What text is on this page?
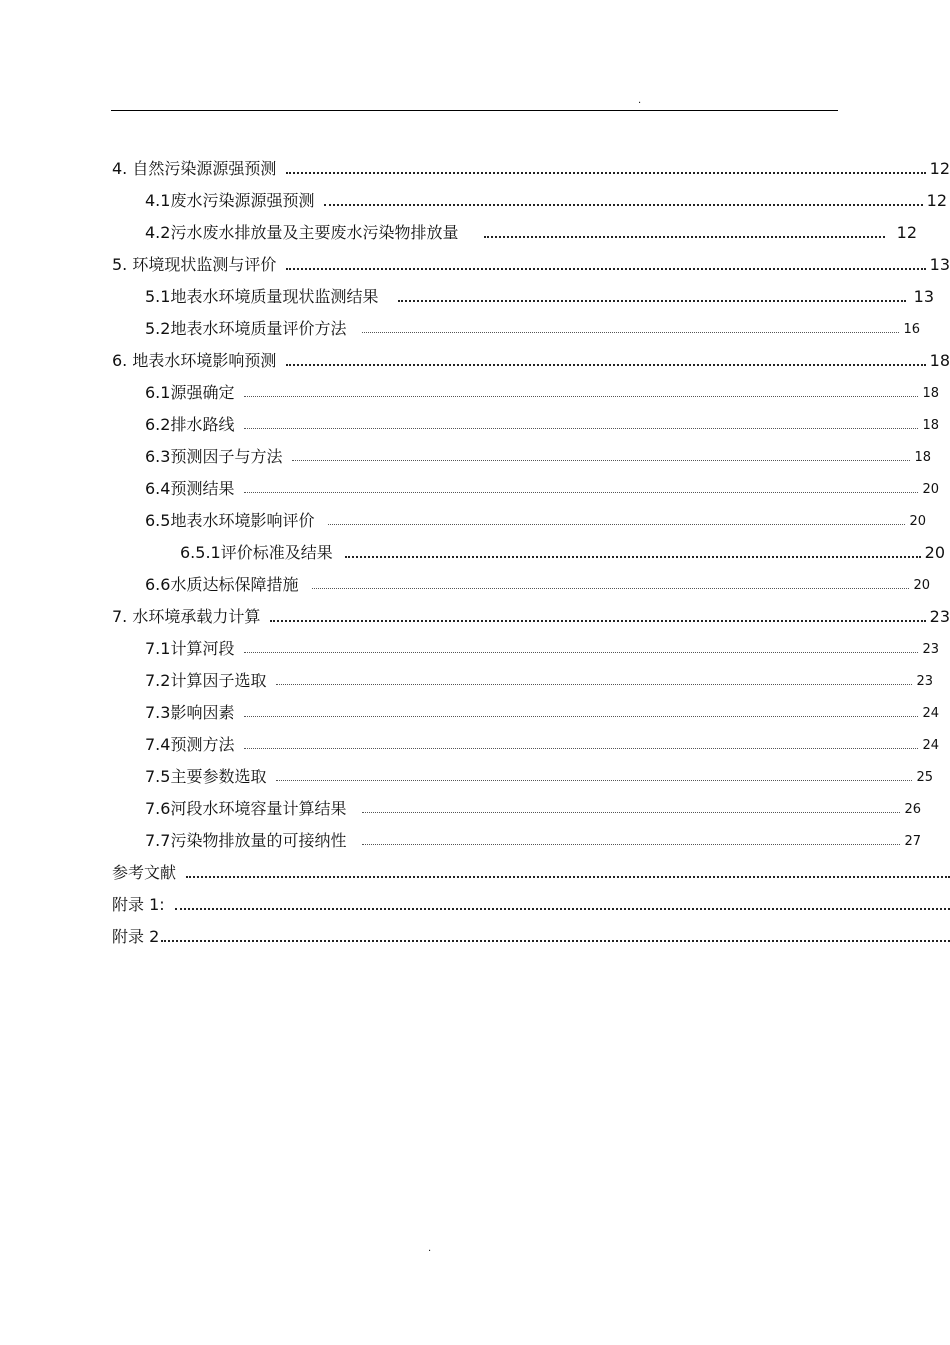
.
4. 自然污染源源强预测	12
4.1废水污染源源强预测	12
4.2污水废水排放量及主要废水污染物排放量	12
5. 环境现状监测与评价	13
5.1地表水环境质量现状监测结果	13
5.2地表水环境质量评价方法	16
6. 地表水环境影响预测	18
6.1源强确定	18
6.2排水路线	18
6.3预测因子与方法	18
6.4预测结果	20
6.5地表水环境影响评价	20
6.5.1评价标准及结果	20
6.6水质达标保障措施	20
7. 水环境承载力计算	23
7.1计算河段	23
7.2计算因子选取	23
7.3影响因素	24
7.4预测方法	24
7.5主要参数选取	25
7.6河段水环境容量计算结果	26
7.7污染物排放量的可接纳性	27
参考文献
附录 1:
附录 2
.
